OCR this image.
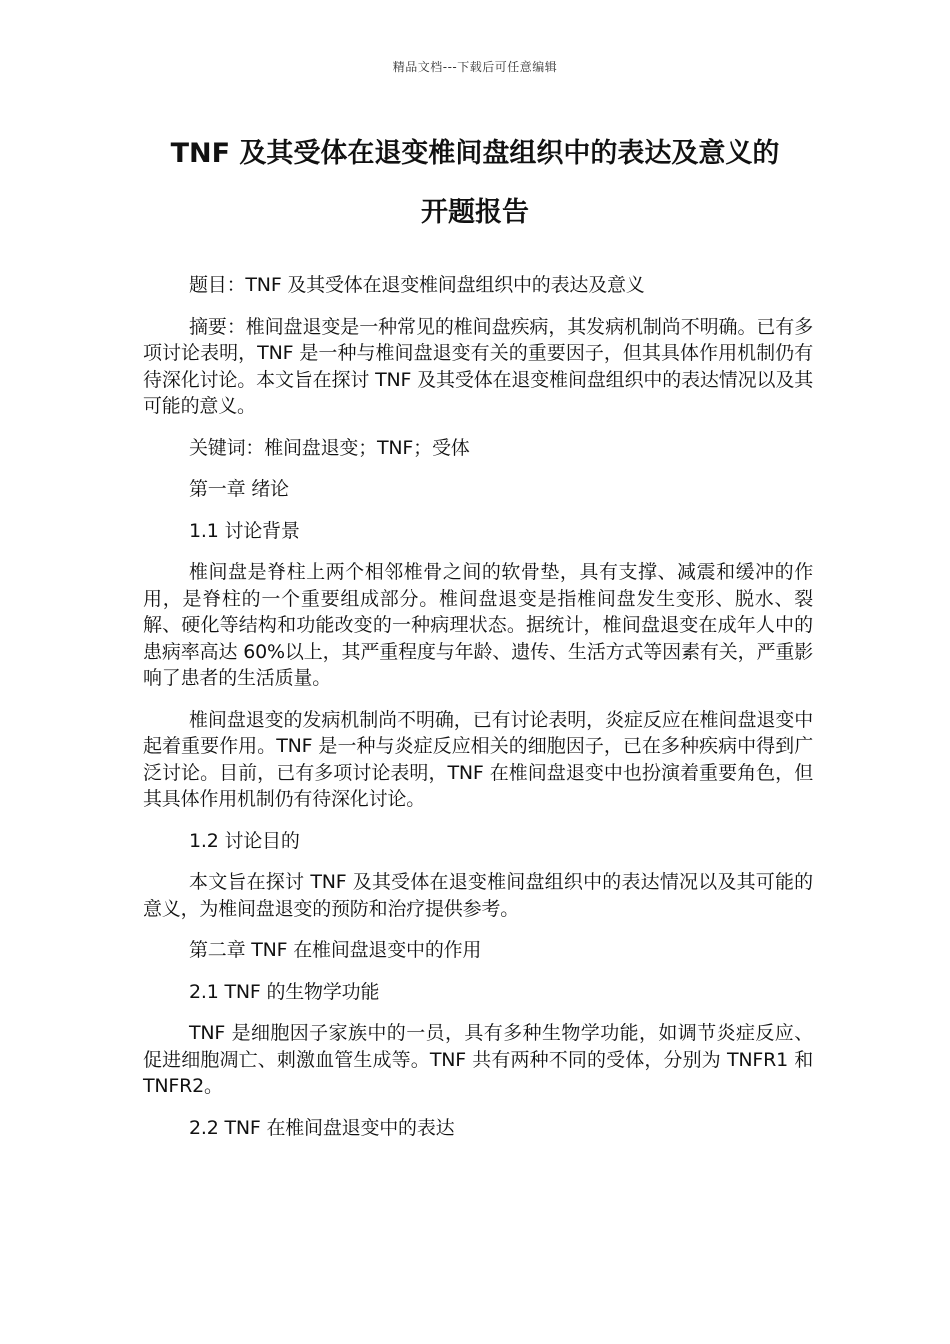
精品文档---下载后可任意编辑
TNF 及其受体在退变椎间盘组织中的表达及意义的
开题报告

题目：TNF 及其受体在退变椎间盘组织中的表达及意义

摘要：椎间盘退变是一种常见的椎间盘疾病，其发病机制尚不明确。已有多项讨论表明，TNF 是一种与椎间盘退变有关的重要因子，但其具体作用机制仍有待深化讨论。本文旨在探讨 TNF 及其受体在退变椎间盘组织中的表达情况以及其可能的意义。

关键词：椎间盘退变；TNF；受体

第一章 绪论

1.1 讨论背景

椎间盘是脊柱上两个相邻椎骨之间的软骨垫，具有支撑、减震和缓冲的作用，是脊柱的一个重要组成部分。椎间盘退变是指椎间盘发生变形、脱水、裂解、硬化等结构和功能改变的一种病理状态。据统计，椎间盘退变在成年人中的患病率高达 60%以上，其严重程度与年龄、遗传、生活方式等因素有关，严重影响了患者的生活质量。

椎间盘退变的发病机制尚不明确，已有讨论表明，炎症反应在椎间盘退变中起着重要作用。TNF 是一种与炎症反应相关的细胞因子，已在多种疾病中得到广泛讨论。目前，已有多项讨论表明，TNF 在椎间盘退变中也扮演着重要角色，但其具体作用机制仍有待深化讨论。

1.2 讨论目的

本文旨在探讨 TNF 及其受体在退变椎间盘组织中的表达情况以及其可能的意义，为椎间盘退变的预防和治疗提供参考。

第二章 TNF 在椎间盘退变中的作用

2.1 TNF 的生物学功能

TNF 是细胞因子家族中的一员，具有多种生物学功能，如调节炎症反应、促进细胞凋亡、刺激血管生成等。TNF 共有两种不同的受体，分别为 TNFR1 和 TNFR2。

2.2 TNF 在椎间盘退变中的表达
